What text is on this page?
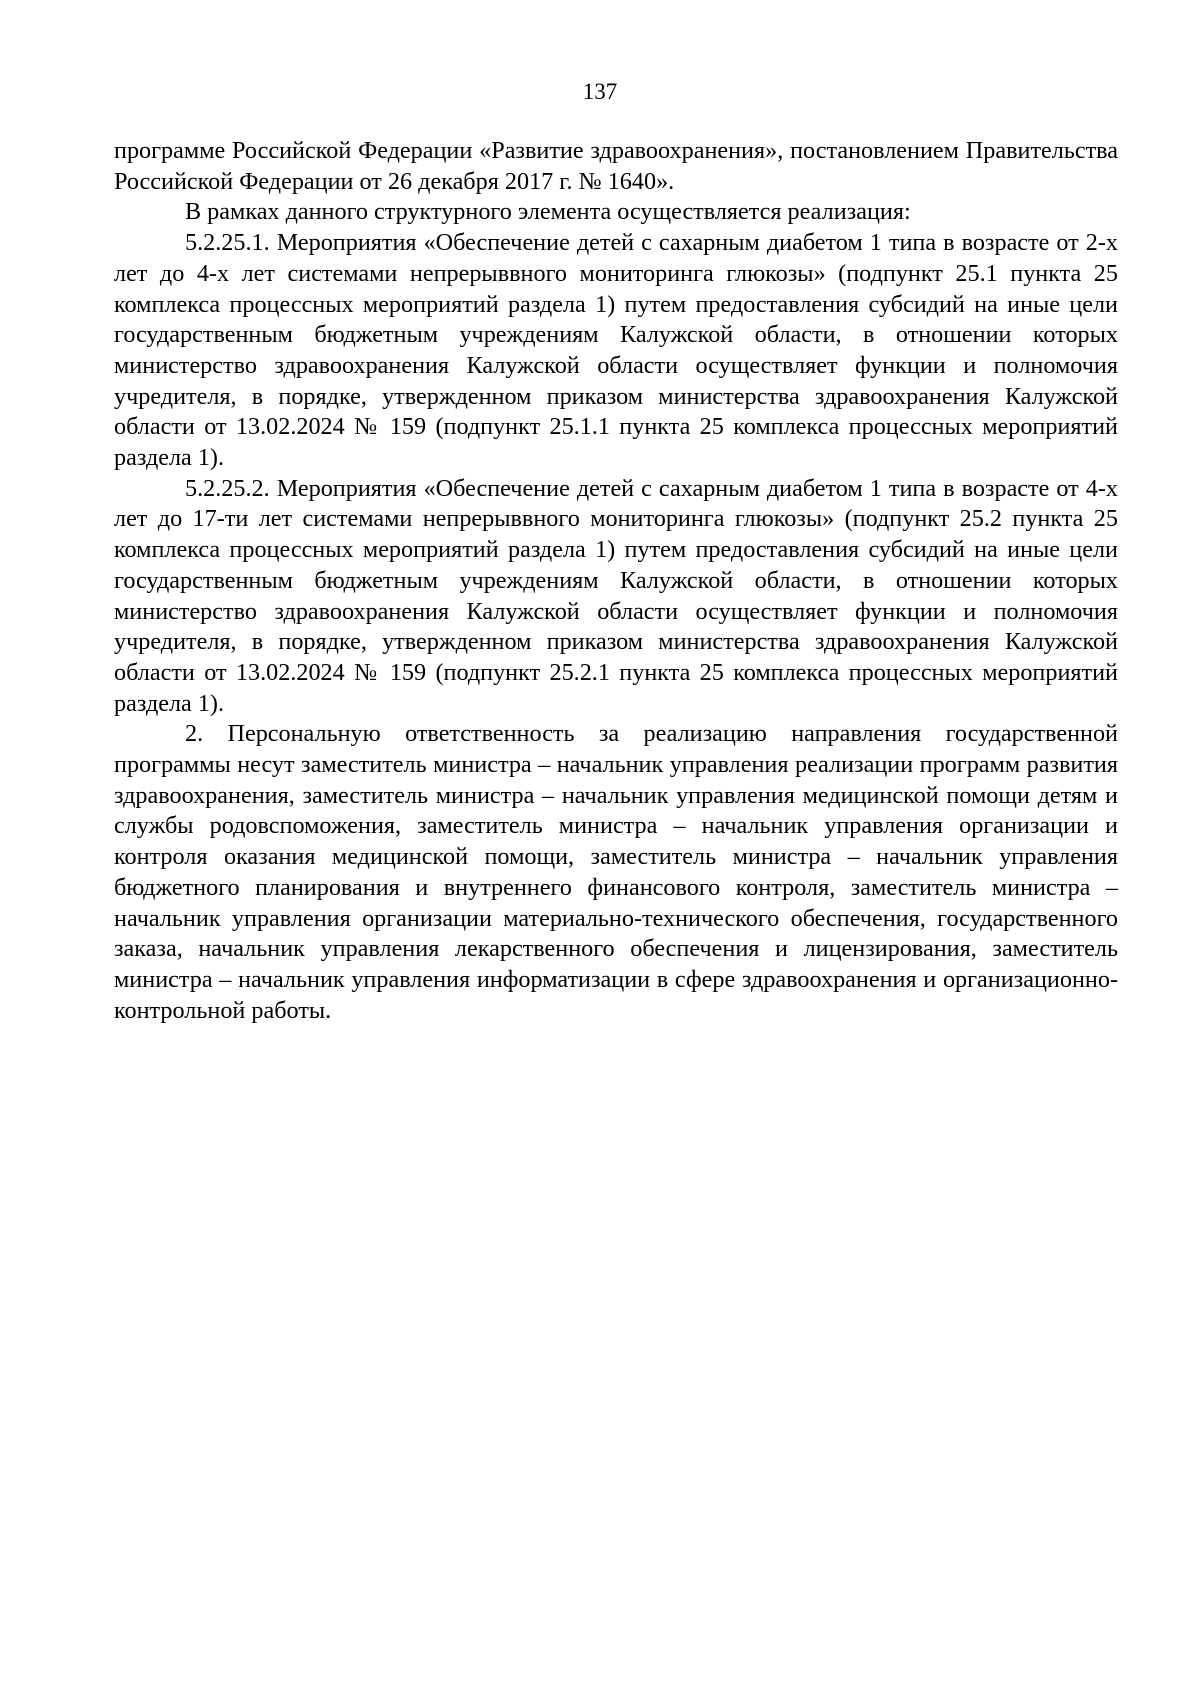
137

программе Российской Федерации «Развитие здравоохранения», постановлением Правительства Российской Федерации от 26 декабря 2017 г. № 1640».

В рамках данного структурного элемента осуществляется реализация:

5.2.25.1. Мероприятия «Обеспечение детей с сахарным диабетом 1 типа в возрасте от 2-х лет до 4-х лет системами непрерыввного мониторинга глюкозы» (подпункт 25.1 пункта 25 комплекса процессных мероприятий раздела 1) путем предоставления субсидий на иные цели государственным бюджетным учреждениям Калужской области, в отношении которых министерство здравоохранения Калужской области осуществляет функции и полномочия учредителя, в порядке, утвержденном приказом министерства здравоохранения Калужской области от 13.02.2024 № 159 (подпункт 25.1.1 пункта 25 комплекса процессных мероприятий раздела 1).

5.2.25.2. Мероприятия «Обеспечение детей с сахарным диабетом 1 типа в возрасте от 4-х лет до 17-ти лет системами непрерыввного мониторинга глюкозы» (подпункт 25.2 пункта 25 комплекса процессных мероприятий раздела 1) путем предоставления субсидий на иные цели государственным бюджетным учреждениям Калужской области, в отношении которых министерство здравоохранения Калужской области осуществляет функции и полномочия учредителя, в порядке, утвержденном приказом министерства здравоохранения Калужской области от 13.02.2024 № 159 (подпункт 25.2.1 пункта 25 комплекса процессных мероприятий раздела 1).

2. Персональную ответственность за реализацию направления государственной программы несут заместитель министра – начальник управления реализации программ развития здравоохранения, заместитель министра – начальник управления медицинской помощи детям и службы родовспоможения, заместитель министра – начальник управления организации и контроля оказания медицинской помощи, заместитель министра – начальник управления бюджетного планирования и внутреннего финансового контроля, заместитель министра – начальник управления организации материально-технического обеспечения, государственного заказа, начальник управления лекарственного обеспечения и лицензирования, заместитель министра – начальник управления информатизации в сфере здравоохранения и организационно-контрольной работы.
